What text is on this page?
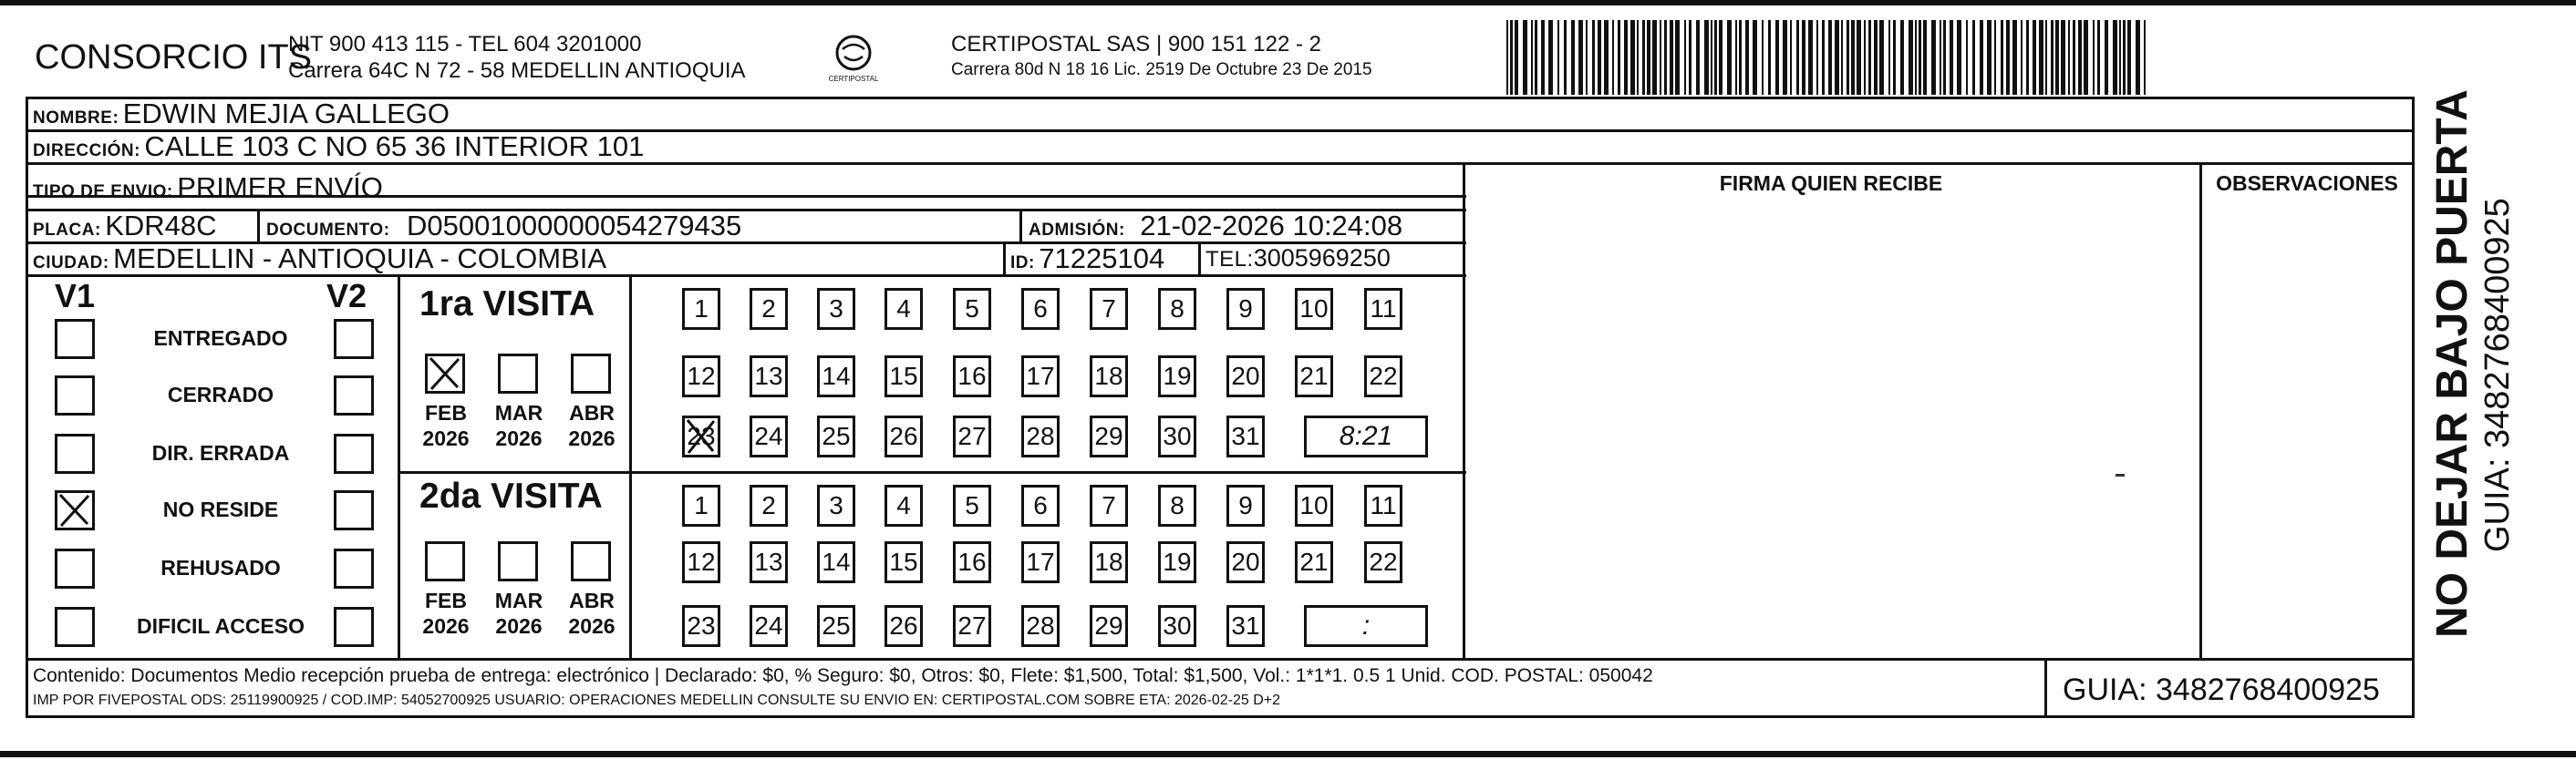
CONSORCIO ITS
NIT 900 413 115 - TEL 604 3201000
Carrera 64C N 72 - 58 MEDELLIN ANTIOQUIA	CERTIPOSTAL
CERTIPOSTAL SAS | 900 151 122 - 2
Carrera 80d N 18 16 Lic. 2519 De Octubre 23 De 2015
NOMBRE: EDWIN MEJIA GALLEGO
DIRECCIÓN: CALLE 103 C NO 65 36 INTERIOR 101
TIPO DE ENVIO: PRIMER ENVÍO
PLACA: KDR48C	DOCUMENTO: D05001000000054279435	ADMISIÓN: 21-02-2026 10:24:08
CIUDAD: MEDELLIN - ANTIOQUIA - COLOMBIA	ID: 71225104 TEL:3005969250
FIRMA QUIEN RECIBE	OBSERVACIONES
V1	V2
ENTREGADO
CERRADO
DIR. ERRADA
NO RESIDE
REHUSADO
DIFICIL ACCESO
1ra VISITA
FEB
2026
MAR
2026
ABR
2026
1	2	3	4	5	6	7	8	9	10 11
12 13 14 15 16 17 18 19 20 21 22
23 24 25 26 27 28 29 30 31	8:21
2da VISITA
FEB
2026
MAR
2026
ABR
2026
1	2	3	4	5	6	7	8	9	10 11
12 13 14 15 16 17 18 19 20 21 22
23 24 25 26 27 28 29 30 31	:
Contenido: Documentos Medio recepción prueba de entrega: electrónico | Declarado: $0, % Seguro: $0, Otros: $0, Flete: $1,500, Total: $1,500, Vol.: 1*1*1. 0.5 1 Unid. COD. POSTAL: 050042
IMP POR FIVEPOSTAL ODS: 25119900925 / COD.IMP: 54052700925 USUARIO: OPERACIONES MEDELLIN CONSULTE SU ENVIO EN: CERTIPOSTAL.COM SOBRE ETA: 2026-02-25 D+2	GUIA: 3482768400925
NO DEJAR BAJO PUERTA GUIA: 3482768400925
